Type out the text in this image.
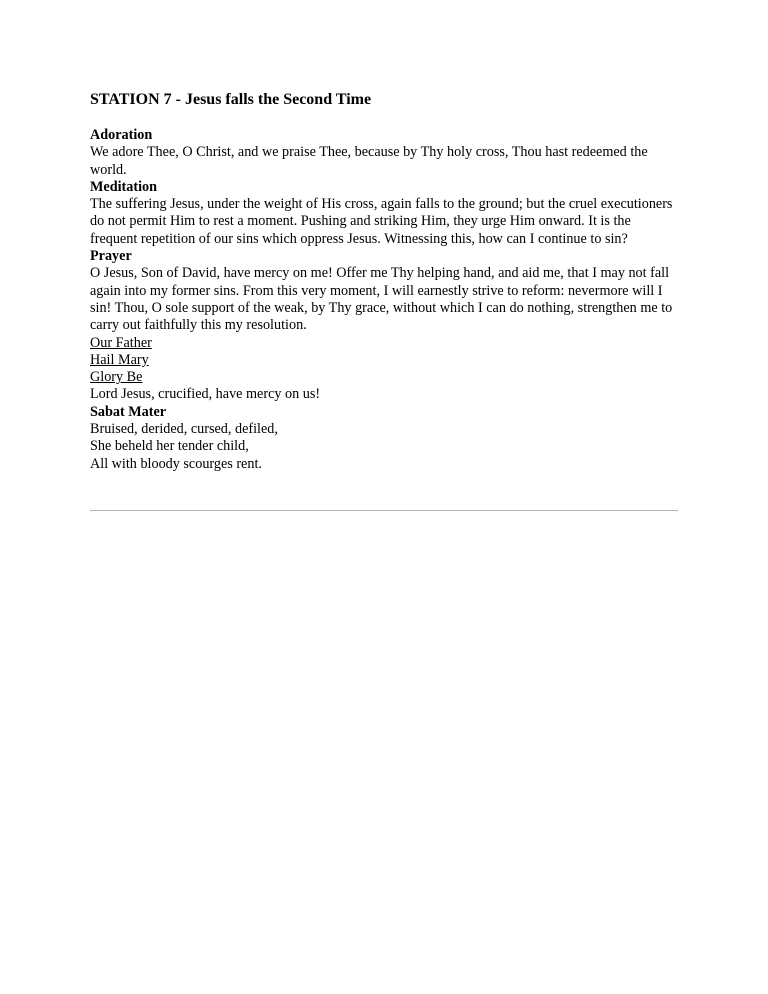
STATION 7 - Jesus falls the Second Time
Adoration
We adore Thee, O Christ, and we praise Thee, because by Thy holy cross, Thou hast redeemed the world.
Meditation
The suffering Jesus, under the weight of His cross, again falls to the ground; but the cruel executioners do not permit Him to rest a moment. Pushing and striking Him, they urge Him onward. It is the frequent repetition of our sins which oppress Jesus. Witnessing this, how can I continue to sin?
Prayer
O Jesus, Son of David, have mercy on me! Offer me Thy helping hand, and aid me, that I may not fall again into my former sins. From this very moment, I will earnestly strive to reform: nevermore will I sin! Thou, O sole support of the weak, by Thy grace, without which I can do nothing, strengthen me to carry out faithfully this my resolution.
Our Father
Hail Mary
Glory Be
Lord Jesus, crucified, have mercy on us!
Sabat Mater
Bruised, derided, cursed, defiled,
She beheld her tender child,
All with bloody scourges rent.
